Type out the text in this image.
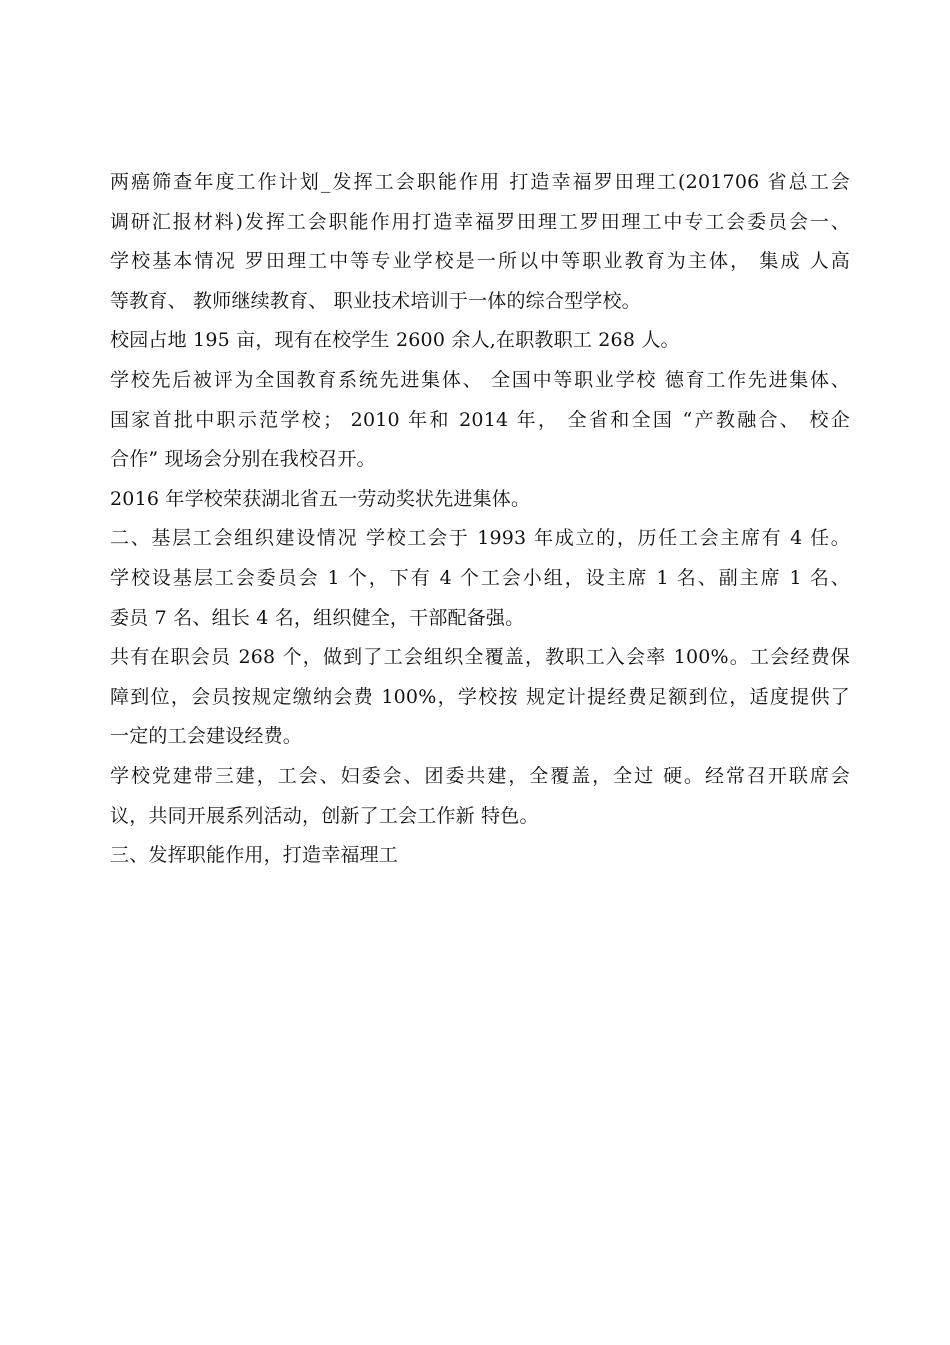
两癌筛查年度工作计划_发挥工会职能作用 打造幸福罗田理工(201706 省总工会
调研汇报材料)发挥工会职能作用打造幸福罗田理工罗田理工中专工会委员会一、
学校基本情况 罗田理工中等专业学校是一所以中等职业教育为主体， 集成 人高
等教育、 教师继续教育、 职业技术培训于一体的综合型学校。
校园占地 195 亩，现有在校学生 2600 余人,在职教职工 268 人。
学校先后被评为全国教育系统先进集体、 全国中等职业学校 德育工作先进集体、
国家首批中职示范学校； 2010 年和 2014 年， 全省和全国 “产教融合、 校企
合作” 现场会分别在我校召开。
2016 年学校荣获湖北省五一劳动奖状先进集体。
二、基层工会组织建设情况 学校工会于 1993 年成立的，历任工会主席有 4 任。
学校设基层工会委员会 1 个，下有 4 个工会小组，设主席 1 名、副主席 1 名、
委员 7 名、组长 4 名，组织健全，干部配备强。
共有在职会员 268 个，做到了工会组织全覆盖，教职工入会率 100%。工会经费保
障到位，会员按规定缴纳会费 100%，学校按 规定计提经费足额到位，适度提供了
一定的工会建设经费。
学校党建带三建，工会、妇委会、团委共建，全覆盖，全过 硬。经常召开联席会
议，共同开展系列活动，创新了工会工作新 特色。
三、发挥职能作用，打造幸福理工
